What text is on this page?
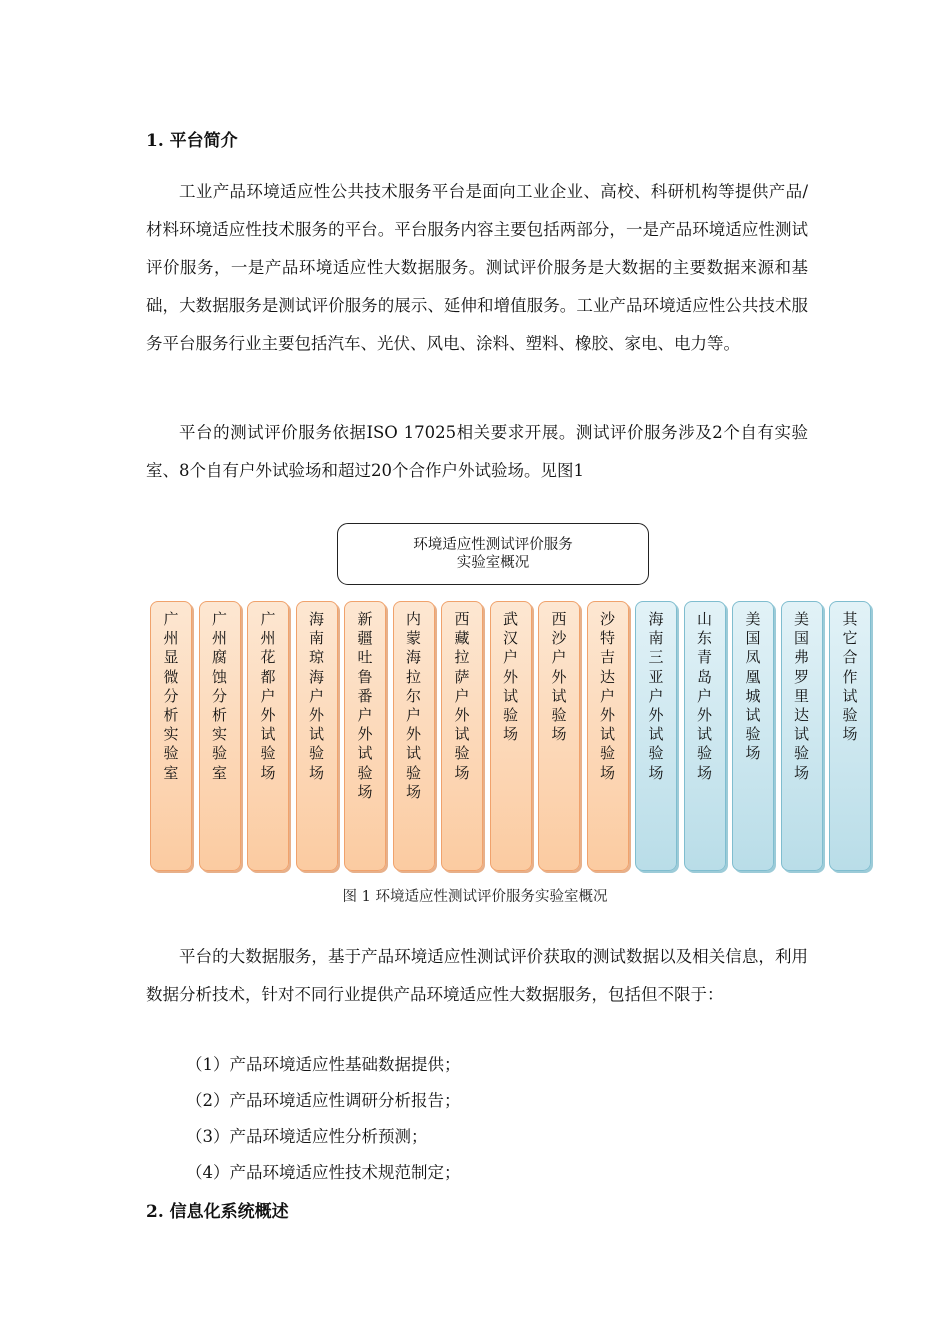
1. 平台简介

工业产品环境适应性公共技术服务平台是面向工业企业、高校、科研机构等提供产品/材料环境适应性技术服务的平台。平台服务内容主要包括两部分，一是产品环境适应性测试评价服务，一是产品环境适应性大数据服务。测试评价服务是大数据的主要数据来源和基础，大数据服务是测试评价服务的展示、延伸和增值服务。工业产品环境适应性公共技术服务平台服务行业主要包括汽车、光伏、风电、涂料、塑料、橡胶、家电、电力等。

平台的测试评价服务依据ISO 17025相关要求开展。测试评价服务涉及2个自有实验室、8个自有户外试验场和超过20个合作户外试验场。见图1

环境适应性测试评价服务
实验室概况
广
州
显
微
分
析
实
验
室
广
州
腐
蚀
分
析
实
验
室
广
州
花
都
户
外
试
验
场
海
南
琼
海
户
外
试
验
场
新
疆
吐
鲁
番
户
外
试
验
场
内
蒙
海
拉
尔
户
外
试
验
场
西
藏
拉
萨
户
外
试
验
场
武
汉
户
外
试
验
场
西
沙
户
外
试
验
场
沙
特
吉
达
户
外
试
验
场
海
南
三
亚
户
外
试
验
场
山
东
青
岛
户
外
试
验
场
美
国
凤
凰
城
试
验
场
美
国
弗
罗
里
达
试
验
场
其
它
合
作
试
验
场
图 1 环境适应性测试评价服务实验室概况

平台的大数据服务，基于产品环境适应性测试评价获取的测试数据以及相关信息，利用数据分析技术，针对不同行业提供产品环境适应性大数据服务，包括但不限于：

（1）产品环境适应性基础数据提供；
（2）产品环境适应性调研分析报告；
（3）产品环境适应性分析预测；
（4）产品环境适应性技术规范制定；
2. 信息化系统概述
